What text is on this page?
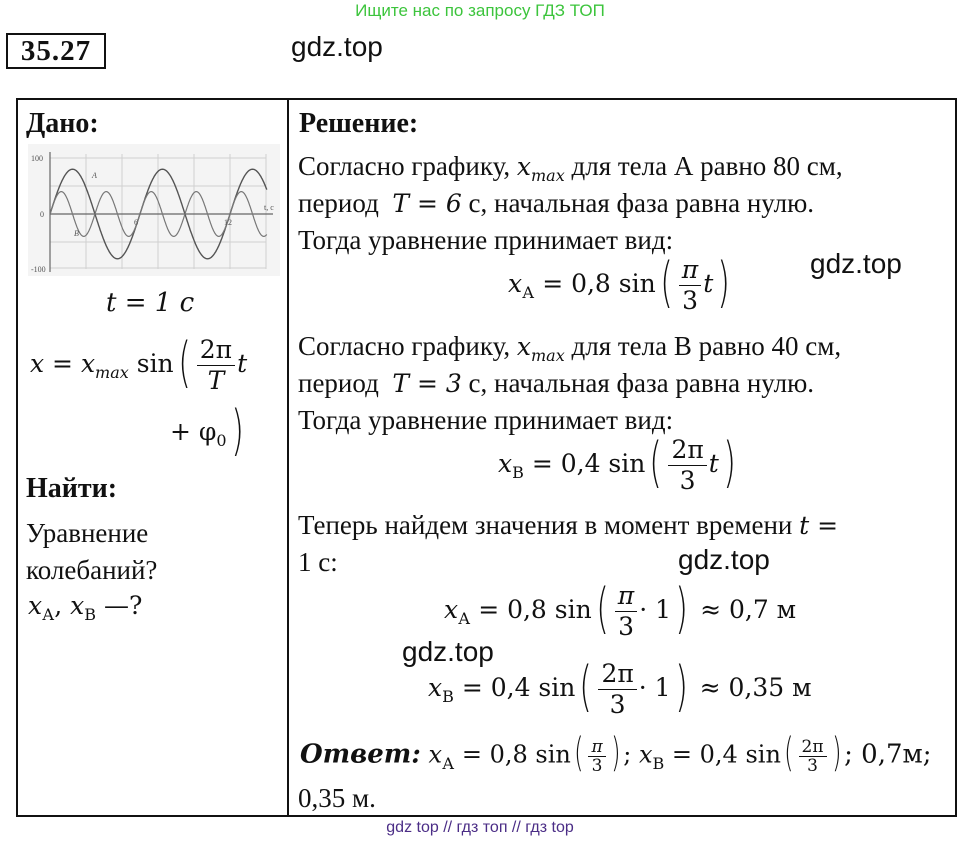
Ищите нас по запросу ГДЗ ТОП
35.27	gdz.top
Дано:
100
0
-100
t, c
6	12
A
B
t = 1 с
$x = x_{max}$ $\sin( \frac{2\pi}{T}$ t
+ $\varphi_0$)
Найти:
Уравнение
колебаний?
$x_А$, $x_В$ —?
Решение:
Согласно графику, $x_{max}$ для тела А равно 80 см,
период T = 6 с, начальная фаза равна нулю.
Тогда уравнение принимает вид:
$x_А = 0,8$ $\sin( \frac{\pi}{3} t)$	gdz.top
Согласно графику, $x_{max}$ для тела В равно 40 см,
период T = 3 с, начальная фаза равна нулю.
Тогда уравнение принимает вид:
$x_В = 0,4$ $\sin( \frac{2\pi}{3} t)$
Теперь найдем значения в момент времени t =
1 с:	gdz.top
$x_А = 0,8$ $\sin( \frac{\pi}{3} \cdot 1) \approx 0,7$ м
gdz.top
$x_В = 0,4$ $\sin( \frac{2\pi}{3} \cdot 1) \approx 0,35$ м
Ответ: $x_А = 0,8$ $\sin( \frac{\pi}{3}$ ) ; $x_В = 0,4$ $\sin( \frac{2\pi}{3}$ ) ; 0,7м;
0,35 м.
gdz top // гдз топ // гдз top
